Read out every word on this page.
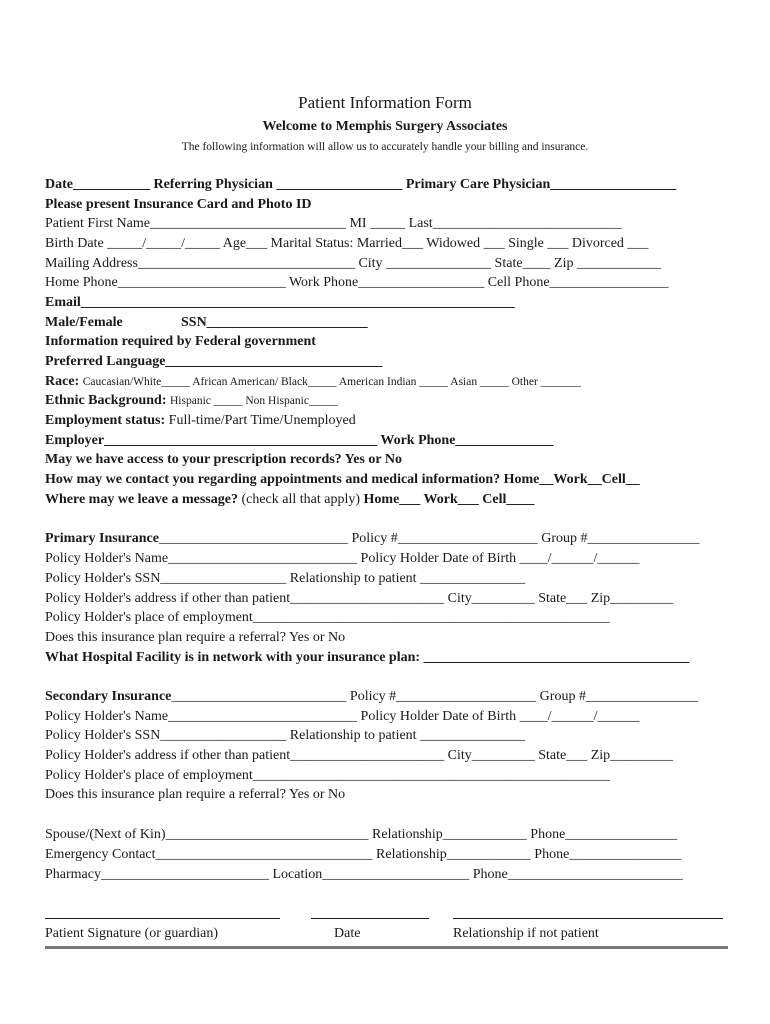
Patient Information Form
Welcome to Memphis Surgery Associates
The following information will allow us to accurately handle your billing and insurance.
Date___________ Referring Physician __________________ Primary Care Physician__________________
Please present Insurance Card and Photo ID
Patient First Name____________________________ MI _____ Last___________________________
Birth Date _____/_____/_____ Age___ Marital Status: Married___ Widowed ___ Single ___ Divorced ___
Mailing Address_______________________________ City _______________ State____ Zip ____________
Home Phone________________________ Work Phone__________________ Cell Phone_________________
Email______________________________________________________________
Male/Female	SSN_______________________
Information required by Federal government
Preferred Language_______________________________
Race: Caucasian/White_____ African American/ Black_____ American Indian _____ Asian _____ Other _______
Ethnic Background: Hispanic _____ Non Hispanic_____
Employment status: Full-time/Part Time/Unemployed
Employer_______________________________________ Work Phone______________
May we have access to your prescription records? Yes or No
How may we contact you regarding appointments and medical information? Home__Work__Cell__
Where may we leave a message? (check all that apply) Home___ Work___ Cell____
Primary Insurance___________________________ Policy #____________________ Group #________________
Policy Holder's Name___________________________ Policy Holder Date of Birth ____/______/______
Policy Holder's SSN__________________ Relationship to patient _______________
Policy Holder's address if other than patient______________________ City_________ State___ Zip_________
Policy Holder's place of employment___________________________________________________
Does this insurance plan require a referral? Yes or No
What Hospital Facility is in network with your insurance plan: ______________________________________
Secondary Insurance_________________________ Policy #____________________ Group #________________
Policy Holder's Name___________________________ Policy Holder Date of Birth ____/______/______
Policy Holder's SSN__________________ Relationship to patient _______________
Policy Holder's address if other than patient______________________ City_________ State___ Zip_________
Policy Holder's place of employment___________________________________________________
Does this insurance plan require a referral? Yes or No
Spouse/(Next of Kin)_____________________________ Relationship____________ Phone________________
Emergency Contact_______________________________ Relationship____________ Phone________________
Pharmacy________________________ Location_____________________ Phone_________________________
Patient Signature (or guardian)	Date	Relationship if not patient
